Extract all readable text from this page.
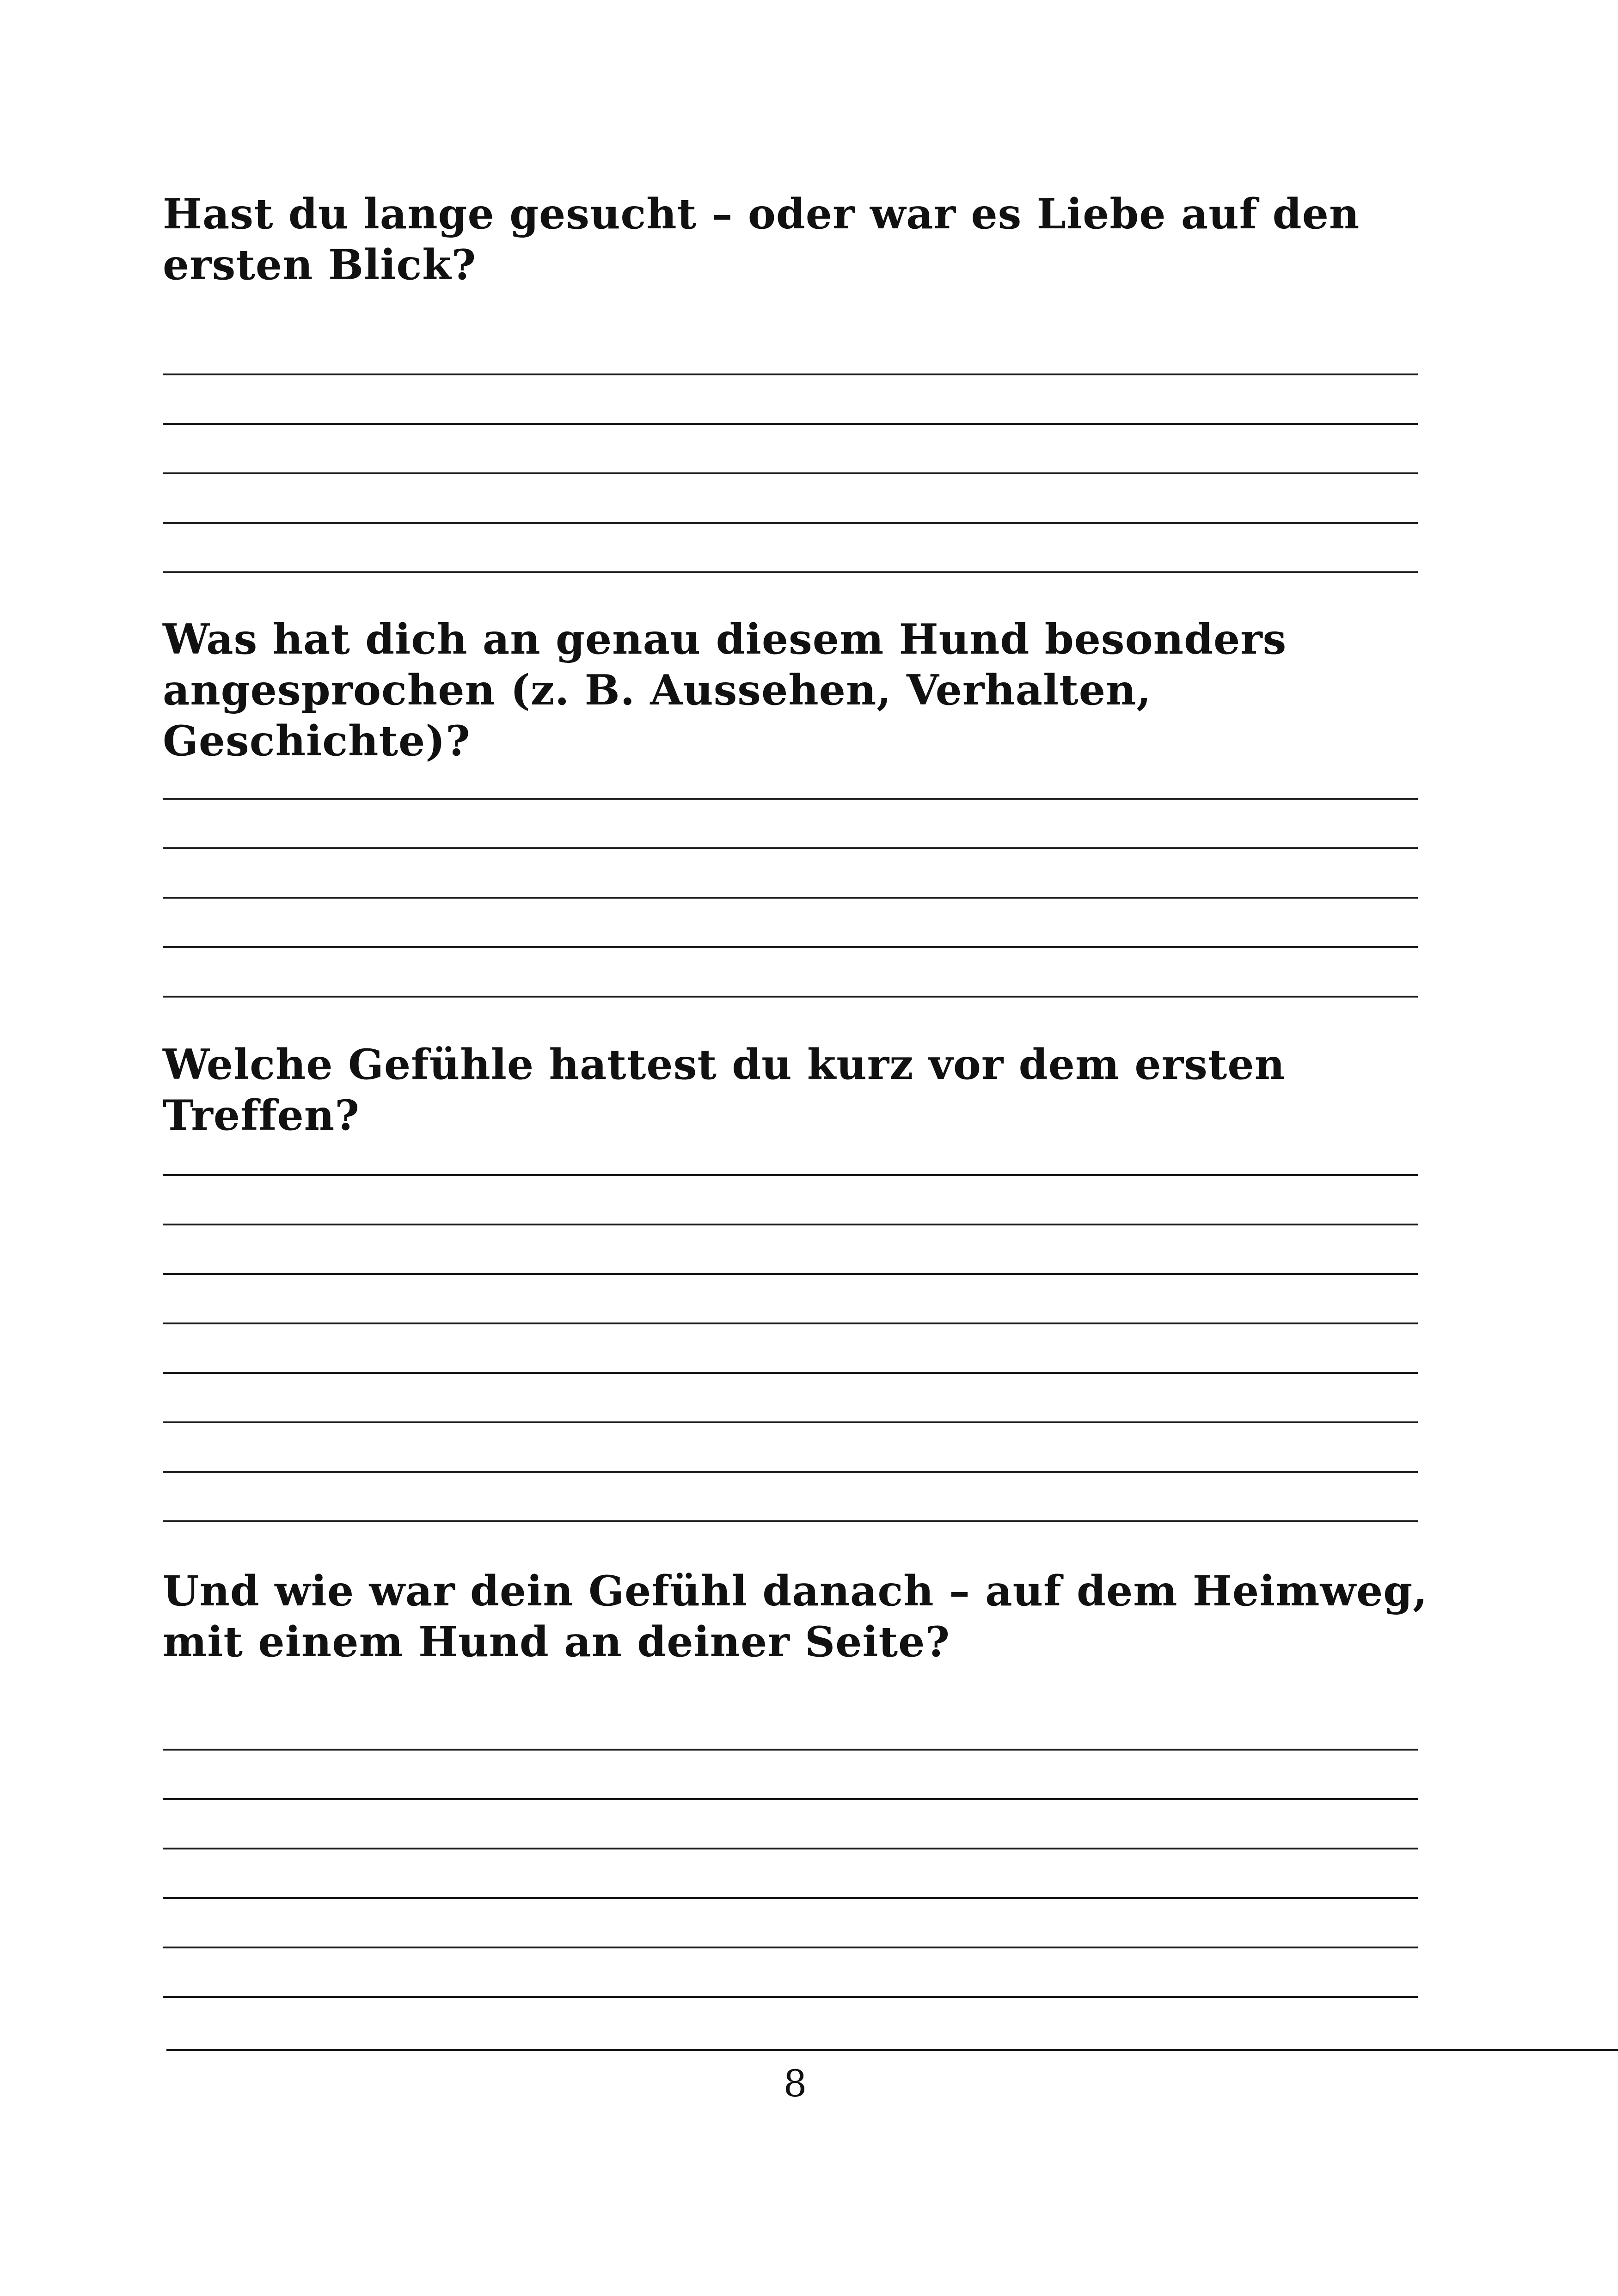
Hast du lange gesucht – oder war es Liebe auf den ersten Blick?
Was hat dich an genau diesem Hund besonders angesprochen (z. B. Aussehen, Verhalten, Geschichte)?
Welche Gefühle hattest du kurz vor dem ersten Treffen?
Und wie war dein Gefühl danach – auf dem Heimweg, mit einem Hund an deiner Seite?
8
